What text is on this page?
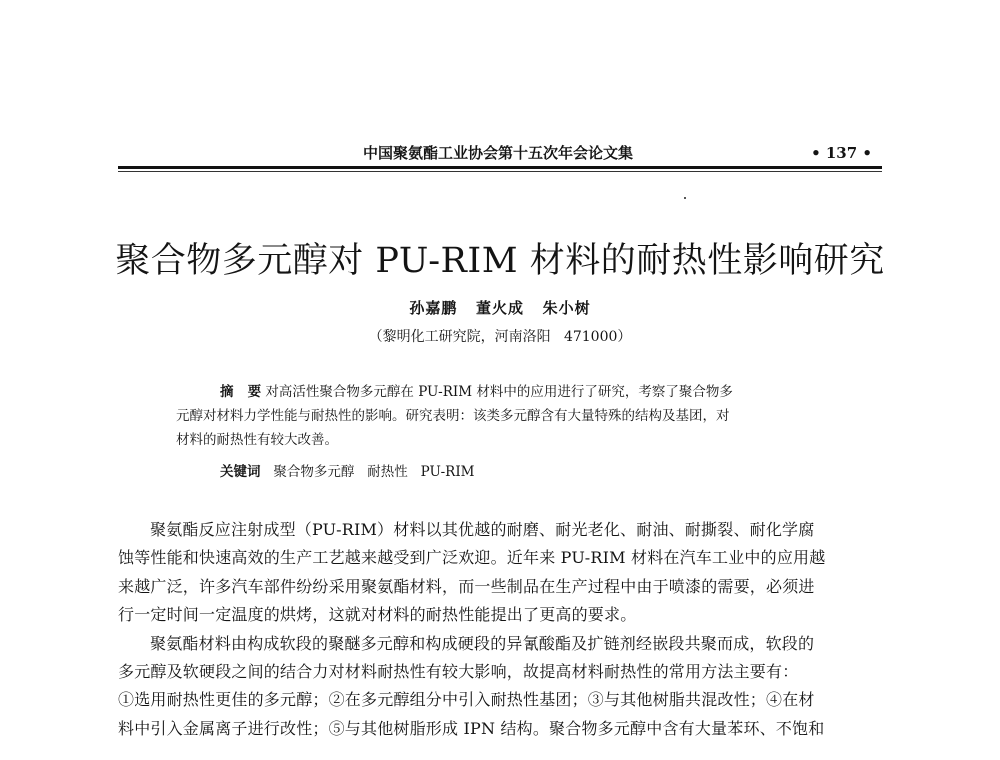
中国聚氨酯工业协会第十五次年会论文集	• 137 •
聚合物多元醇对 PU-RIM 材料的耐热性影响研究
孙嘉鹏   董火成   朱小树
（黎明化工研究院，河南洛阳   471000）
摘   要 对高活性聚合物多元醇在 PU-RIM 材料中的应用进行了研究，考察了聚合物多
元醇对材料力学性能与耐热性的影响。研究表明：该类多元醇含有大量特殊的结构及基团，对
材料的耐热性有较大改善。
关键词 聚合物多元醇   耐热性   PU-RIM
聚氨酯反应注射成型（PU-RIM）材料以其优越的耐磨、耐光老化、耐油、耐撕裂、耐化学腐
蚀等性能和快速高效的生产工艺越来越受到广泛欢迎。近年来 PU-RIM 材料在汽车工业中的应用越
来越广泛，许多汽车部件纷纷采用聚氨酯材料，而一些制品在生产过程中由于喷漆的需要，必须进
行一定时间一定温度的烘烤，这就对材料的耐热性能提出了更高的要求。
聚氨酯材料由构成软段的聚醚多元醇和构成硬段的异氰酸酯及扩链剂经嵌段共聚而成，软段的
多元醇及软硬段之间的结合力对材料耐热性有较大影响，故提高材料耐热性的常用方法主要有：
①选用耐热性更佳的多元醇；②在多元醇组分中引入耐热性基团；③与其他树脂共混改性；④在材
料中引入金属离子进行改性；⑤与其他树脂形成 IPN 结构。聚合物多元醇中含有大量苯环、不饱和
